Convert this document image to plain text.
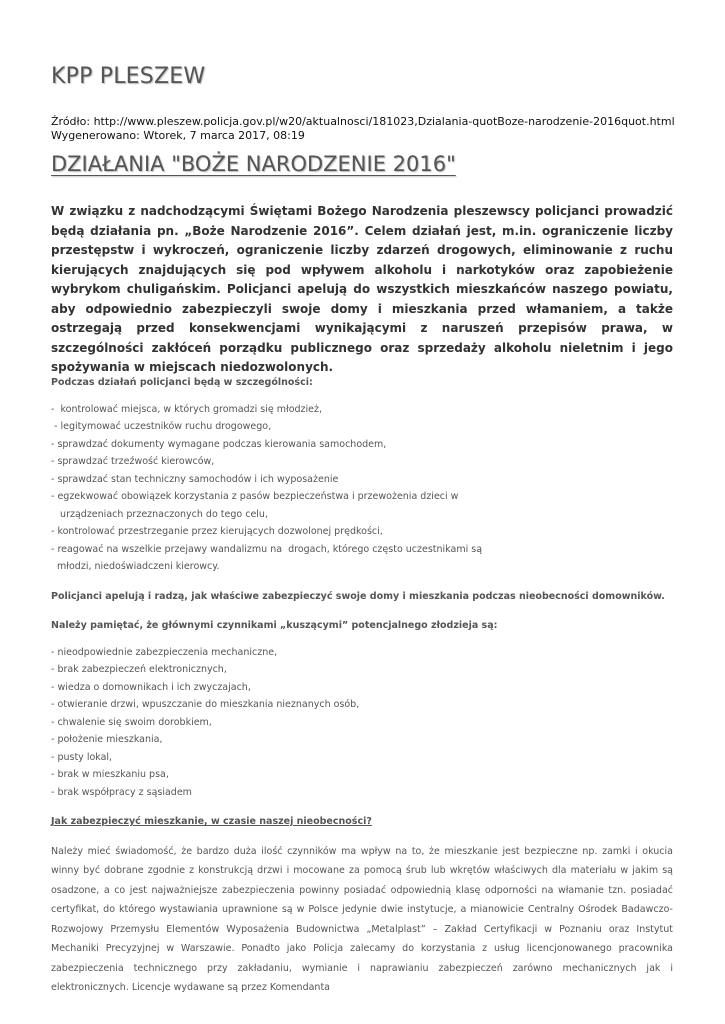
KPP PLESZEW
Źródło: http://www.pleszew.policja.gov.pl/w20/aktualnosci/181023,Dzialania-quotBoze-narodzenie-2016quot.html
Wygenerowano: Wtorek, 7 marca 2017, 08:19
DZIAŁANIA "BOŻE NARODZENIE 2016"

W związku z nadchodzącymi Świętami Bożego Narodzenia pleszewscy policjanci prowadzić będą działania pn. „Boże Narodzenie 2016”. Celem działań jest, m.in. ograniczenie liczby przestępstw i wykroczeń, ograniczenie liczby zdarzeń drogowych, eliminowanie z ruchu kierujących znajdujących się pod wpływem alkoholu i narkotyków oraz zapobieżenie wybrykom chuligańskim. Policjanci apelują do wszystkich mieszkańców naszego powiatu, aby odpowiednio zabezpieczyli swoje domy i mieszkania przed włamaniem, a także ostrzegają przed konsekwencjami wynikającymi z naruszeń przepisów prawa, w szczególności zakłóceń porządku publicznego oraz sprzedaży alkoholu nieletnim i jego spożywania w miejscach niedozwolonych.

Podczas działań policjanci będą w szczególności:

-  kontrolować miejsca, w których gromadzi się młodzież,
- legitymować uczestników ruchu drogowego,
- sprawdzać dokumenty wymagane podczas kierowania samochodem,
- sprawdzać trzeźwość kierowców,
- sprawdzać stan techniczny samochodów i ich wyposażenie
- egzekwować obowiązek korzystania z pasów bezpieczeństwa i przewożenia dzieci w
urządzeniach przeznaczonych do tego celu,
- kontrolować przestrzeganie przez kierujących dozwolonej prędkości,
- reagować na wszelkie przejawy wandalizmu na  drogach, którego często uczestnikami są
młodzi, niedoświadczeni kierowcy.

Policjanci apelują i radzą, jak właściwe zabezpieczyć swoje domy i mieszkania podczas nieobecności domowników.

Należy pamiętać, że głównymi czynnikami „kuszącymi” potencjalnego złodzieja są:

- nieodpowiednie zabezpieczenia mechaniczne,
- brak zabezpieczeń elektronicznych,
- wiedza o domownikach i ich zwyczajach,
- otwieranie drzwi, wpuszczanie do mieszkania nieznanych osób,
- chwalenie się swoim dorobkiem,
- położenie mieszkania,
- pusty lokal,
- brak w mieszkaniu psa,
- brak współpracy z sąsiadem

Jak zabezpieczyć mieszkanie, w czasie naszej nieobecności?

Należy mieć świadomość, że bardzo duża ilość czynników ma wpływ na to, że mieszkanie jest bezpieczne np. zamki i okucia winny być dobrane zgodnie z konstrukcją drzwi i mocowane za pomocą śrub lub wkrętów właściwych dla materiału w jakim są osadzone, a co jest najważniejsze zabezpieczenia powinny posiadać odpowiednią klasę odporności na włamanie tzn. posiadać certyfikat, do którego wystawiania uprawnione są w Polsce jedynie dwie instytucje, a mianowicie Centralny Ośrodek Badawczo-Rozwojowy Przemysłu Elementów Wyposażenia Budownictwa „Metalplast” – Zakład Certyfikacji w Poznaniu oraz Instytut Mechaniki Precyzyjnej w Warszawie. Ponadto jako Policja zalecamy do korzystania z usług licencjonowanego pracownika zabezpieczenia technicznego przy zakładaniu, wymianie i naprawianiu zabezpieczeń zarówno mechanicznych jak i elektronicznych. Licencje wydawane są przez Komendanta
